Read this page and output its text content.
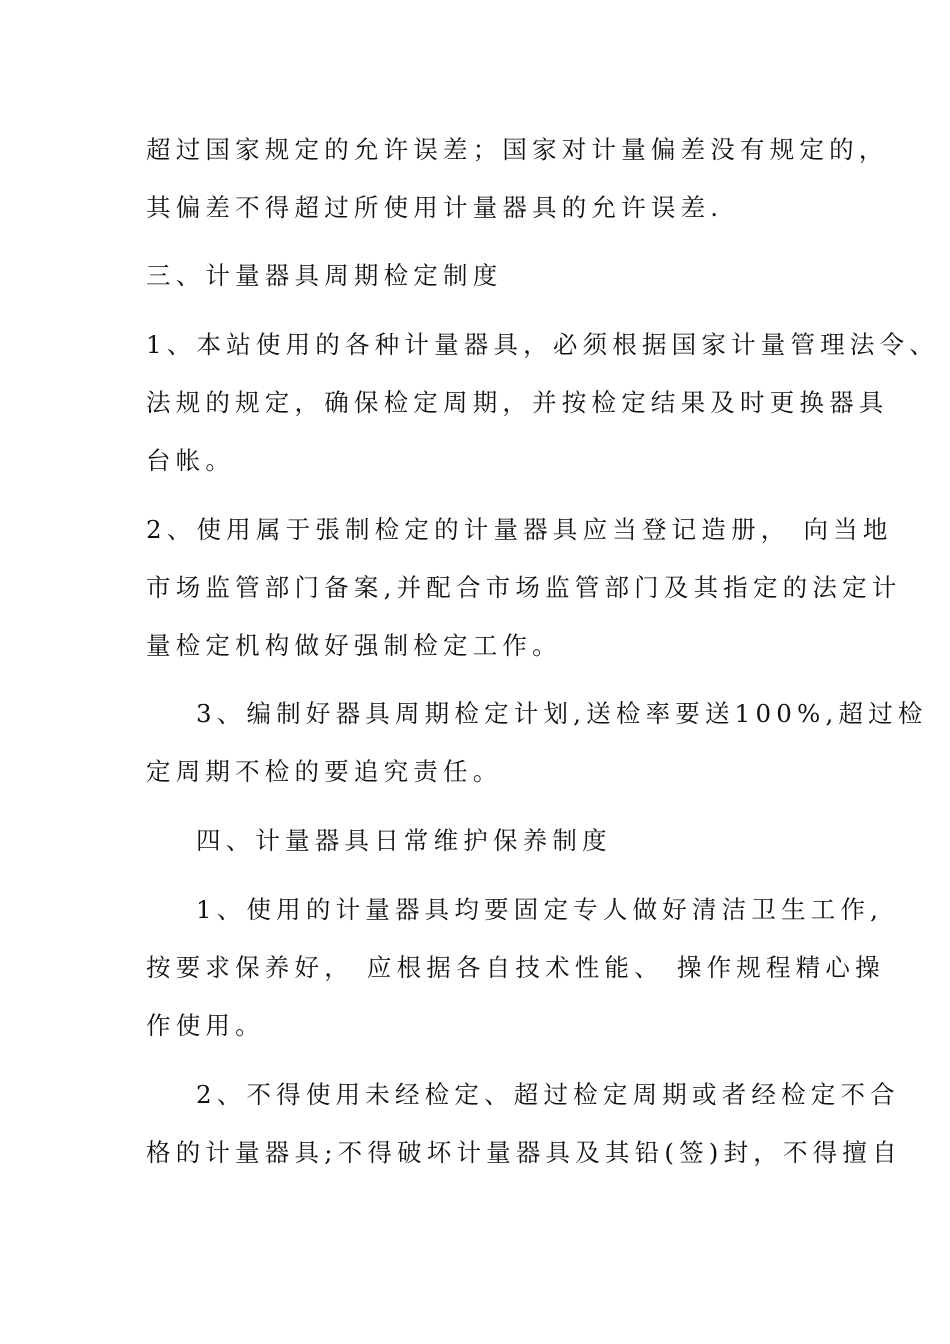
超过国家规定的允许误差；国家对计量偏差没有规定的，
其偏差不得超过所使用计量器具的允许误差.
三、计量器具周期检定制度
1、本站使用的各种计量器具，必须根据国家计量管理法令、
法规的规定，确保检定周期，并按检定结果及时更换器具
台帐。
2、使用属于張制检定的计量器具应当登记造册， 向当地
市场监管部门备案,并配合市场监管部门及其指定的法定计
量检定机构做好强制检定工作。
3、编制好器具周期检定计划,送检率要送100%,超过检
定周期不检的要追究责任。
四、计量器具日常维护保养制度
1、使用的计量器具均要固定专人做好清洁卫生工作,
按要求保养好， 应根据各自技术性能、 操作规程精心操
作使用。
2、不得使用未经检定、超过检定周期或者经检定不合
格的计量器具;不得破坏计量器具及其铅(签)封，不得擅自
